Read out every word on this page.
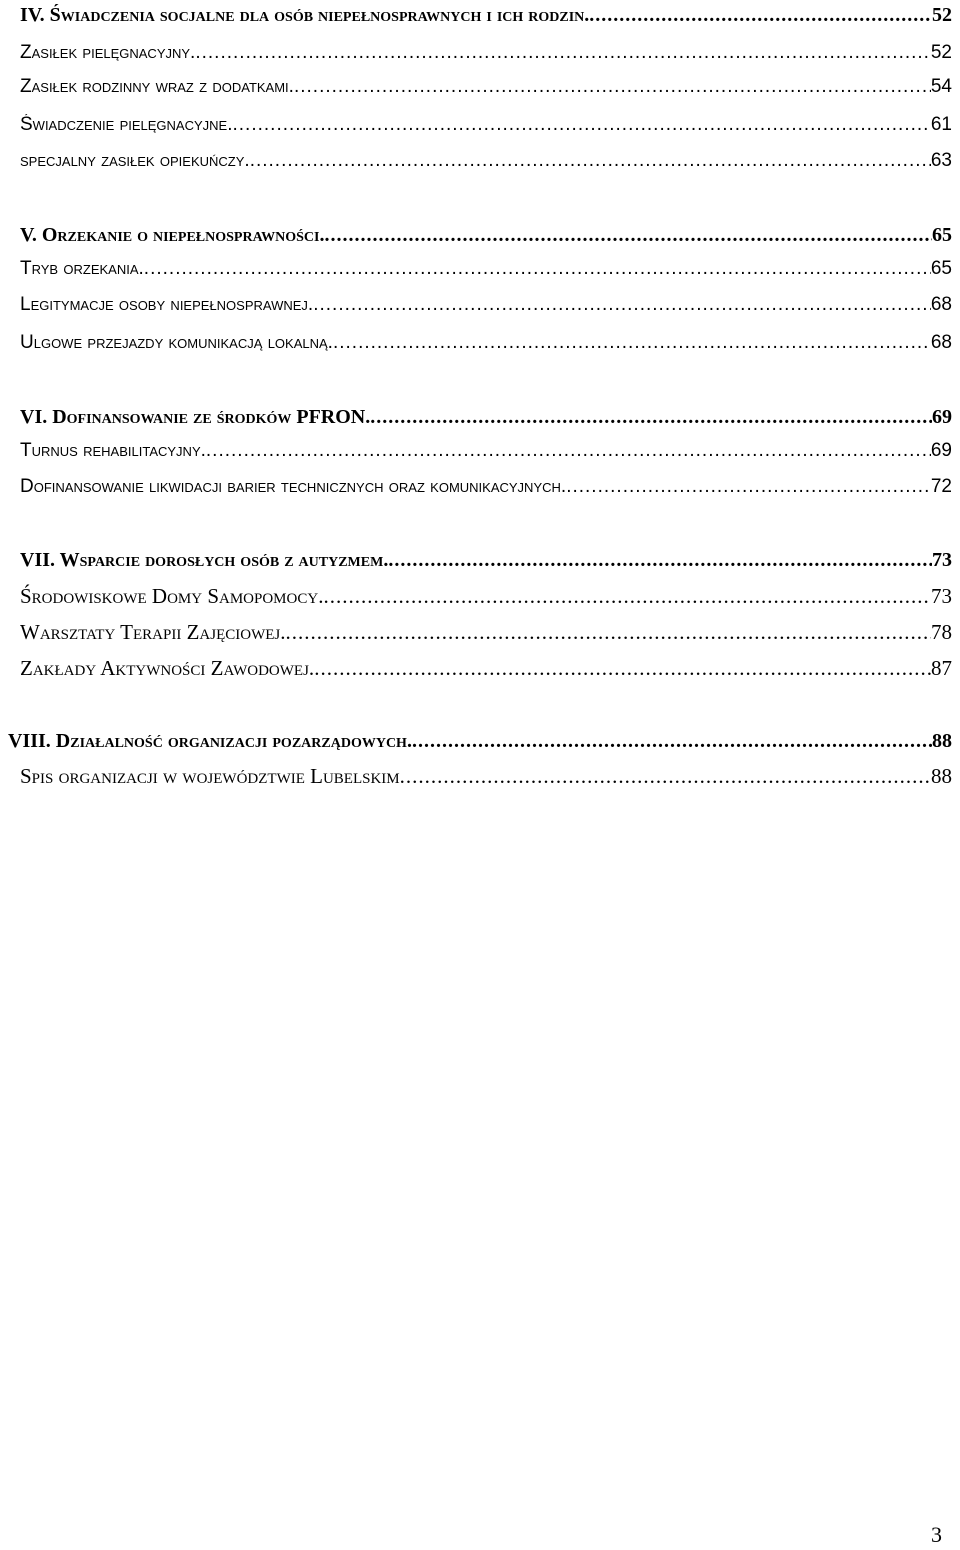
IV. Świadczenia socjalne dla osób niepełnosprawnych i ich rodzin. .....	52
Zasiłek pielęgnacyjny. .....	52
Zasiłek rodzinny wraz z dodatkami. .....	54
Świadczenie pielęgnacyjne. .....	61
specjalny zasiłek opiekuńczy. .....	63
V. Orzekanie o niepełnosprawności. .....	65
Tryb orzekania. .....	65
Legitymacje osoby niepełnosprawnej. .....	68
Ulgowe przejazdy komunikacją lokalną. .....	68
VI. Dofinansowanie ze środków PFRON. .....	69
Turnus rehabilitacyjny. .....	69
Dofinansowanie likwidacji barier technicznych oraz komunikacyjnych. .....	72
VII. Wsparcie dorosłych osób z autyzmem. .....	73
Środowiskowe Domy Samopomocy. .....	73
Warsztaty Terapii Zajęciowej. .....	78
Zakłady Aktywności Zawodowej. .....	87
VIII. Działalność organizacji pozarządowych. .....	88
Spis organizacji w województwie Lubelskim .....	88
3
